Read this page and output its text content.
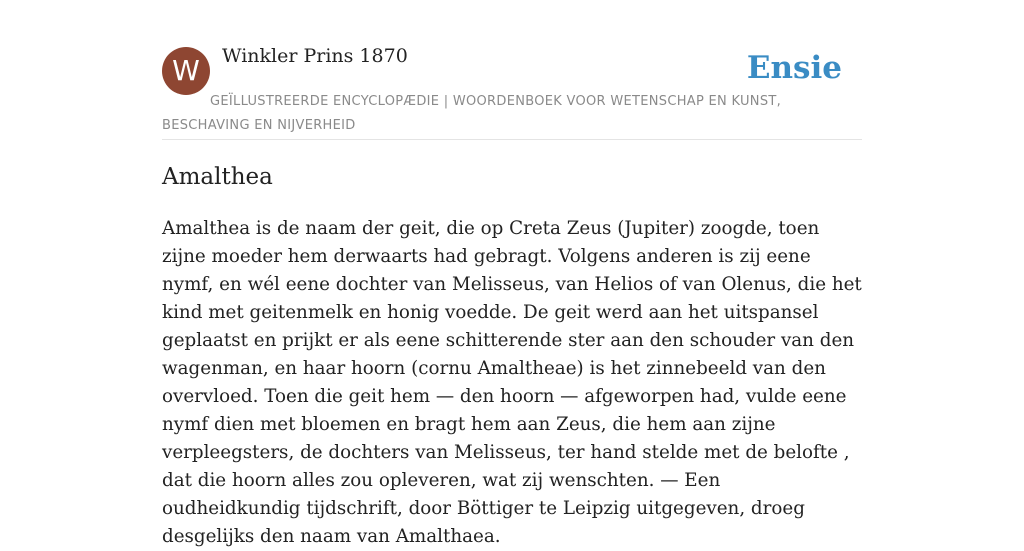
W	Winkler Prins 1870	Ensie
GEÏLLUSTREERDE ENCYCLOPÆDIE | WOORDENBOEK VOOR WETENSCHAP EN KUNST, BESCHAVING EN NIJVERHEID
Amalthea

Amalthea is de naam der geit, die op Creta Zeus (Jupiter) zoogde, toen zijne moeder hem derwaarts had gebragt. Volgens anderen is zij eene nymf, en wél eene dochter van Melisseus, van Helios of van Olenus, die het kind met geitenmelk en honig voedde. De geit werd aan het uitspansel geplaatst en prijkt er als eene schitterende ster aan den schouder van den wagenman, en haar hoorn (cornu Amaltheae) is het zinnebeeld van den overvloed. Toen die geit hem — den hoorn — afgeworpen had, vulde eene nymf dien met bloemen en bragt hem aan Zeus, die hem aan zijne verpleegsters, de dochters van Melisseus, ter hand stelde met de belofte , dat die hoorn alles zou opleveren, wat zij wenschten. — Een oudheidkundig tijdschrift, door Böttiger te Leipzig uitgegeven, droeg desgelijks den naam van Amalthaea.
